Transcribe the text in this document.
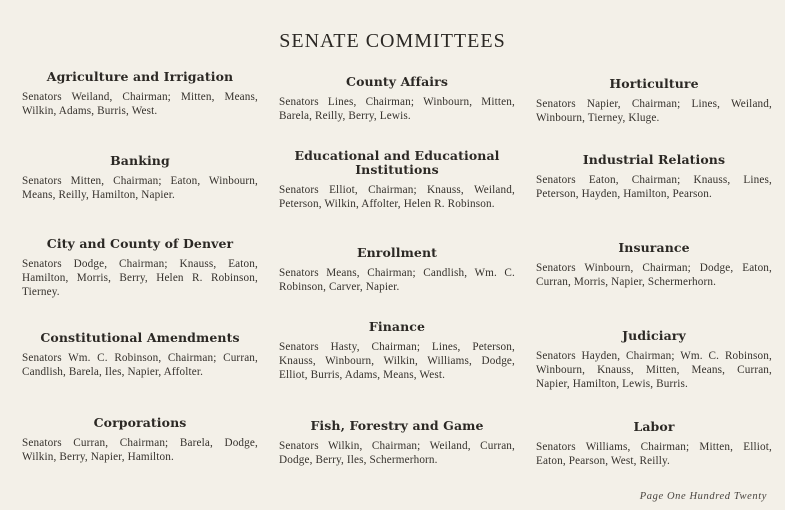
SENATE COMMITTEES
Agriculture and Irrigation

Senators Weiland, Chairman; Mitten, Means, Wilkin, Adams, Burris, West.

Banking

Senators Mitten, Chairman; Eaton, Winbourn, Means, Reilly, Hamilton, Napier.

City and County of Denver

Senators Dodge, Chairman; Knauss, Eaton, Hamilton, Morris, Berry, Helen R. Robinson, Tierney.

Constitutional Amendments

Senators Wm. C. Robinson, Chairman; Curran, Candlish, Barela, Iles, Napier, Affolter.

Corporations

Senators Curran, Chairman; Barela, Dodge, Wilkin, Berry, Napier, Hamilton.

County Affairs

Senators Lines, Chairman; Winbourn, Mitten, Barela, Reilly, Berry, Lewis.

Educational and Educational Institutions

Senators Elliot, Chairman; Knauss, Weiland, Peterson, Wilkin, Affolter, Helen R. Robinson.

Enrollment

Senators Means, Chairman; Candlish, Wm. C. Robinson, Carver, Napier.

Finance

Senators Hasty, Chairman; Lines, Peterson, Knauss, Winbourn, Wilkin, Williams, Dodge, Elliot, Burris, Adams, Means, West.

Fish, Forestry and Game

Senators Wilkin, Chairman; Weiland, Curran, Dodge, Berry, Iles, Schermerhorn.

Horticulture

Senators Napier, Chairman; Lines, Weiland, Winbourn, Tierney, Kluge.

Industrial Relations

Senators Eaton, Chairman; Knauss, Lines, Peterson, Hayden, Hamilton, Pearson.

Insurance

Senators Winbourn, Chairman; Dodge, Eaton, Curran, Morris, Napier, Schermerhorn.

Judiciary

Senators Hayden, Chairman; Wm. C. Robinson, Winbourn, Knauss, Mitten, Means, Curran, Napier, Hamilton, Lewis, Burris.

Labor

Senators Williams, Chairman; Mitten, Elliot, Eaton, Pearson, West, Reilly.

Page One Hundred Twenty
